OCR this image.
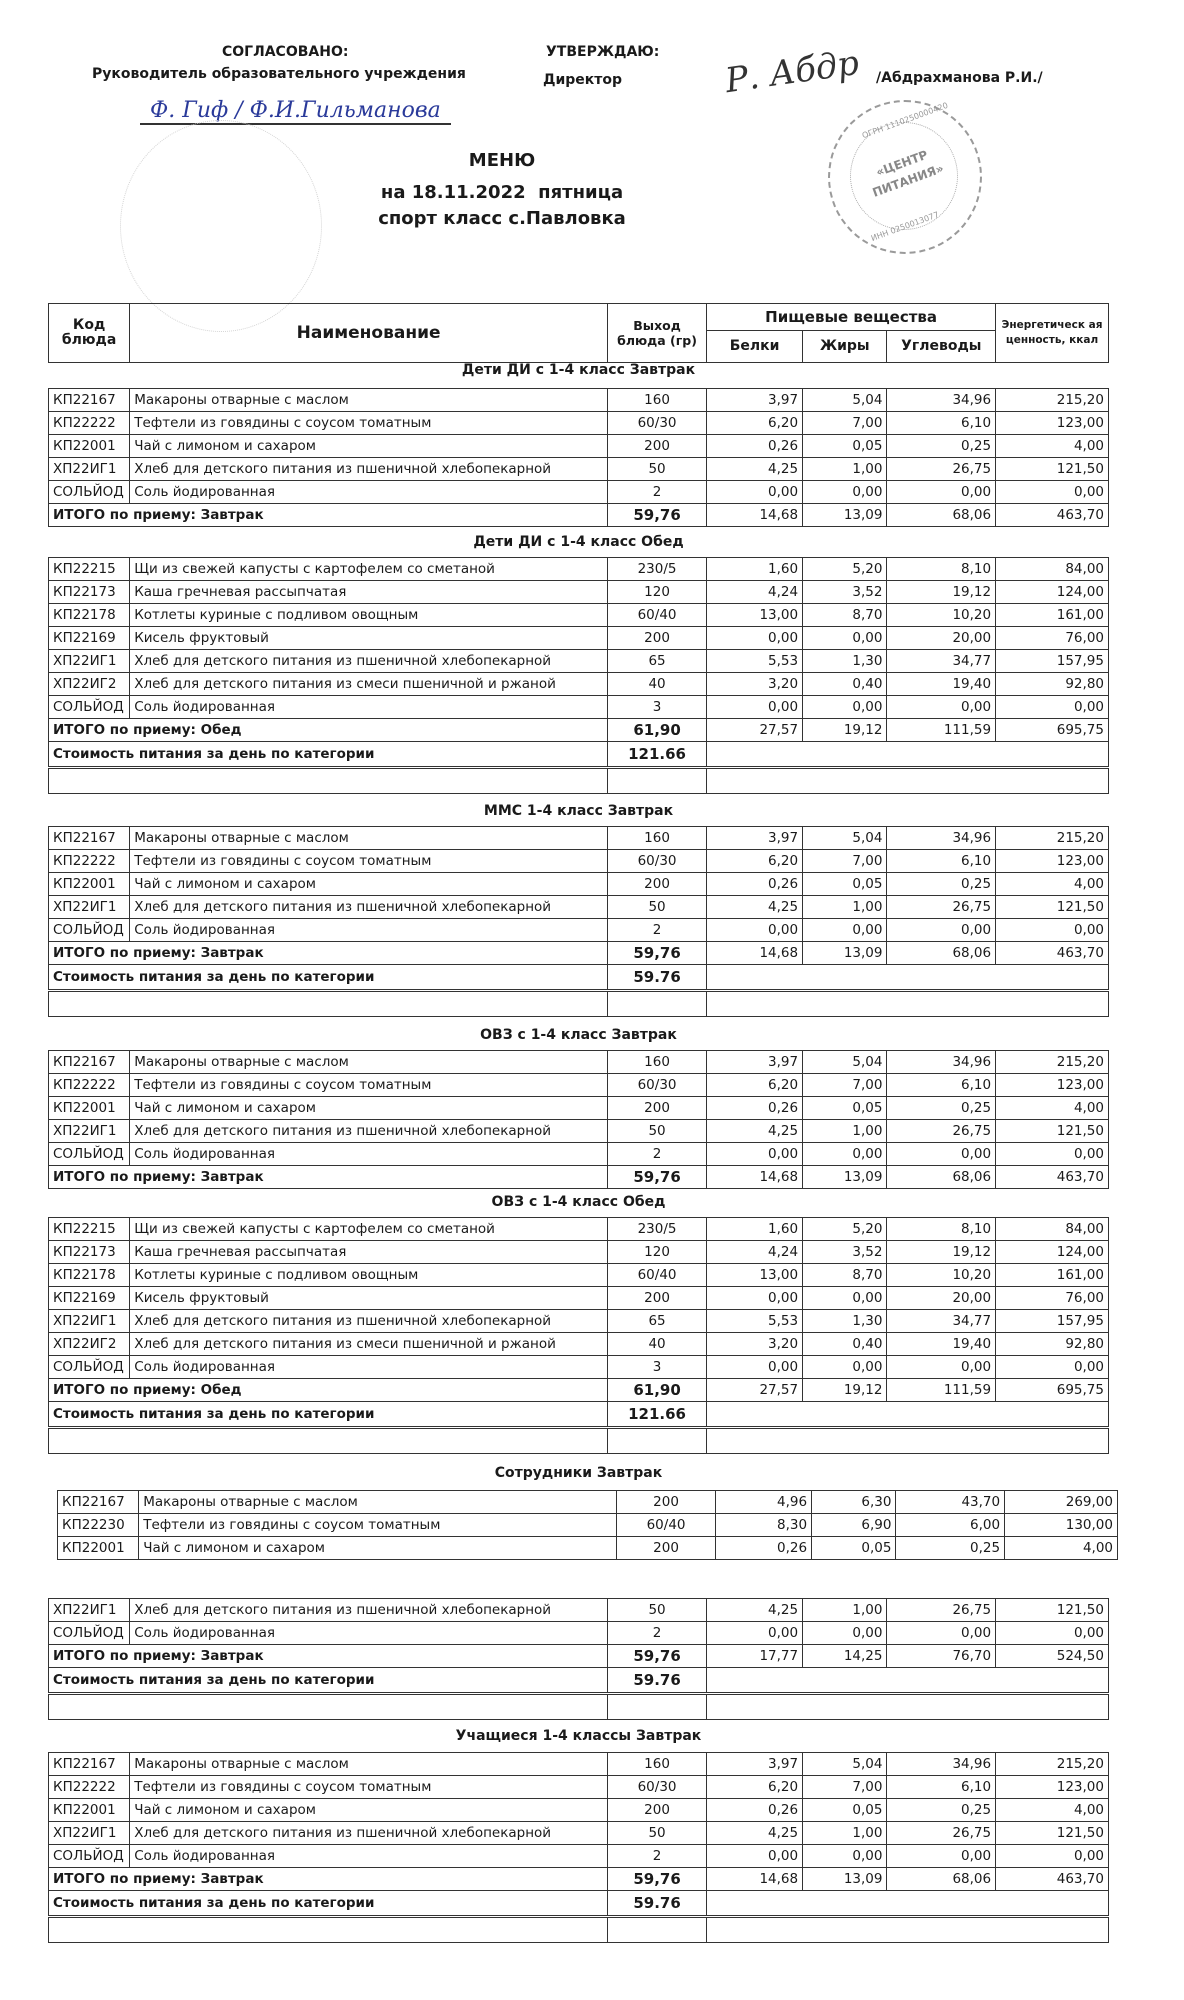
СОГЛАСОВАНО:
Руководитель образовательного учреждения
Ф. Гиф / Ф.И.Гильманова
УТВЕРЖДАЮ:
Директор	Р. Абдр /Абдрахманова Р.И./
ОГРН 1110250000420
«ЦЕНТР ПИТАНИЯ»
ИНН 0250013077
МЕНЮ
на 18.11.2022  пятница
спорт класс с.Павловка
Код блюда	Наименование	Выход блюда (гр)	Пищевые вещества			Энергетическ ая ценность, ккал
			Белки	Жиры	Углеводы	
Дети ДИ с 1-4 класс Завтрак
КП22167	Макароны отварные с маслом	160	3,97	5,04	34,96	215,20
КП22222	Тефтели из говядины с соусом томатным	60/30	6,20	7,00	6,10	123,00
КП22001	Чай с лимоном и сахаром	200	0,26	0,05	0,25	4,00
ХП22ИГ1	Хлеб для детского питания из пшеничной хлебопекарной	50	4,25	1,00	26,75	121,50
СОЛЬЙОД	Соль йодированная	2	0,00	0,00	0,00	0,00
ИТОГО по приему: Завтрак		59,76	14,68	13,09	68,06	463,70
Дети ДИ с 1-4 класс Обед
КП22215	Щи из свежей капусты с картофелем со сметаной	230/5	1,60	5,20	8,10	84,00
КП22173	Каша гречневая рассыпчатая	120	4,24	3,52	19,12	124,00
КП22178	Котлеты куриные с подливом овощным	60/40	13,00	8,70	10,20	161,00
КП22169	Кисель фруктовый	200	0,00	0,00	20,00	76,00
ХП22ИГ1	Хлеб для детского питания из пшеничной хлебопекарной	65	5,53	1,30	34,77	157,95
ХП22ИГ2	Хлеб для детского питания из смеси пшеничной и ржаной	40	3,20	0,40	19,40	92,80
СОЛЬЙОД	Соль йодированная	3	0,00	0,00	0,00	0,00
ИТОГО по приему: Обед		61,90	27,57	19,12	111,59	695,75
Стоимость питания за день по категории		121.66				

ММС 1-4 класс Завтрак
КП22167	Макароны отварные с маслом	160	3,97	5,04	34,96	215,20
КП22222	Тефтели из говядины с соусом томатным	60/30	6,20	7,00	6,10	123,00
КП22001	Чай с лимоном и сахаром	200	0,26	0,05	0,25	4,00
ХП22ИГ1	Хлеб для детского питания из пшеничной хлебопекарной	50	4,25	1,00	26,75	121,50
СОЛЬЙОД	Соль йодированная	2	0,00	0,00	0,00	0,00
ИТОГО по приему: Завтрак		59,76	14,68	13,09	68,06	463,70
Стоимость питания за день по категории		59.76				

ОВЗ с 1-4 класс Завтрак
КП22167	Макароны отварные с маслом	160	3,97	5,04	34,96	215,20
КП22222	Тефтели из говядины с соусом томатным	60/30	6,20	7,00	6,10	123,00
КП22001	Чай с лимоном и сахаром	200	0,26	0,05	0,25	4,00
ХП22ИГ1	Хлеб для детского питания из пшеничной хлебопекарной	50	4,25	1,00	26,75	121,50
СОЛЬЙОД	Соль йодированная	2	0,00	0,00	0,00	0,00
ИТОГО по приему: Завтрак		59,76	14,68	13,09	68,06	463,70
ОВЗ с 1-4 класс Обед
КП22215	Щи из свежей капусты с картофелем со сметаной	230/5	1,60	5,20	8,10	84,00
КП22173	Каша гречневая рассыпчатая	120	4,24	3,52	19,12	124,00
КП22178	Котлеты куриные с подливом овощным	60/40	13,00	8,70	10,20	161,00
КП22169	Кисель фруктовый	200	0,00	0,00	20,00	76,00
ХП22ИГ1	Хлеб для детского питания из пшеничной хлебопекарной	65	5,53	1,30	34,77	157,95
ХП22ИГ2	Хлеб для детского питания из смеси пшеничной и ржаной	40	3,20	0,40	19,40	92,80
СОЛЬЙОД	Соль йодированная	3	0,00	0,00	0,00	0,00
ИТОГО по приему: Обед		61,90	27,57	19,12	111,59	695,75
Стоимость питания за день по категории		121.66				

Сотрудники Завтрак
КП22167	Макароны отварные с маслом	200	4,96	6,30	43,70	269,00
КП22230	Тефтели из говядины с соусом томатным	60/40	8,30	6,90	6,00	130,00
КП22001	Чай с лимоном и сахаром	200	0,26	0,05	0,25	4,00
ХП22ИГ1	Хлеб для детского питания из пшеничной хлебопекарной	50	4,25	1,00	26,75	121,50
СОЛЬЙОД	Соль йодированная	2	0,00	0,00	0,00	0,00
ИТОГО по приему: Завтрак		59,76	17,77	14,25	76,70	524,50
Стоимость питания за день по категории		59.76				

Учащиеся 1-4 классы Завтрак
КП22167	Макароны отварные с маслом	160	3,97	5,04	34,96	215,20
КП22222	Тефтели из говядины с соусом томатным	60/30	6,20	7,00	6,10	123,00
КП22001	Чай с лимоном и сахаром	200	0,26	0,05	0,25	4,00
ХП22ИГ1	Хлеб для детского питания из пшеничной хлебопекарной	50	4,25	1,00	26,75	121,50
СОЛЬЙОД	Соль йодированная	2	0,00	0,00	0,00	0,00
ИТОГО по приему: Завтрак		59,76	14,68	13,09	68,06	463,70
Стоимость питания за день по категории		59.76				
